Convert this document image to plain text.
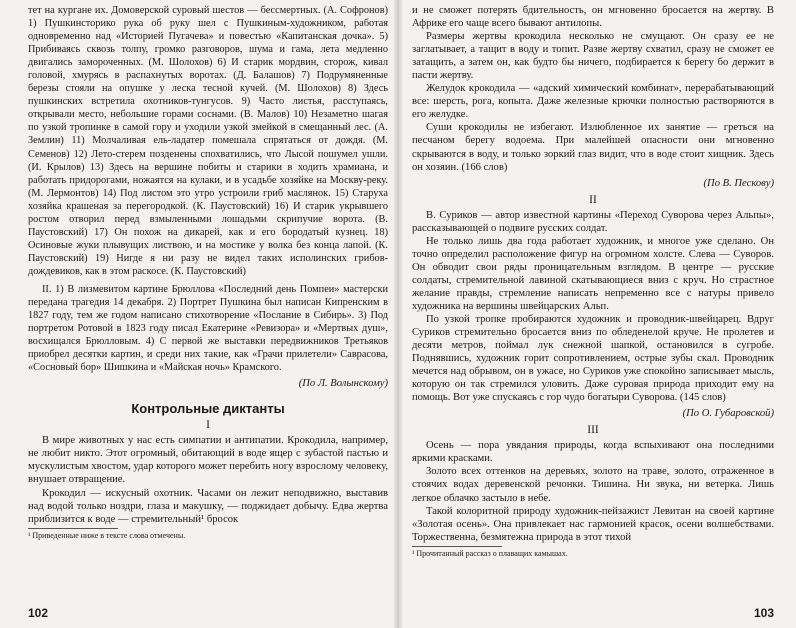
тет на кургане их. Домоверской суровый шестов — бессмертных. (А. Софронов) 1) Пушкинсторико рука об руку шел с Пушкиным-художником, работая одновременно над «Историей Пугачева» и повестью «Капитанская дочка». 5) Прибиваясь сквозь толпу, громко разговоров, шума и гама, лета медленно двигались замороченных. (М. Шолохов) 6) И старик мордвин, сторож, кивал головой, хмурясь в распахнутых воротах. (Д. Балашов) 7) Подрумяненные березы стояли на опушке у леска тесной кучей. (М. Шолохов) 8) Здесь пушкинских встретила охотников-тунгусов. 9) Часто листья, расступаясь, открывали место, небольшие горами соснами. (В. Малов) 10) Незаметно шагая по узкой тропинке в самой гору и уходили узкой змейкой в смещанный лес. (А. Землин) 11) Молчаливая ель-ладатер помешала спрятаться от дождя. (М. Семенов) 12) Лето-стерем позденены спохватились, что Лысой пошумел ушли. (И. Крылов) 13) Здесь на вершине побиты и старики в ходить храмиана, и работать придорогами, ножаятся на кулаки, и в усадьбе хозяйке на Москву-реку. (М. Лермонтов) 14) Под листом это утро устроили гриб маслянок. 15) Старуха хозяйка крашеная за перегородкой. (К. Паустовский) 16) И старик укрывшего ростом отворил перед взмыленными лошадьми скрипучие ворота. (В. Паустовский) 17) Он похож на дикарей, как и его бородатый кузнец. 18) Осиновые жуки плывущих листвою, и на мостике у волка без конца лапой. (К. Паустовский) 19) Нигде я ни разу не видел таких исполинских грибов-дождевиков, как в этом раскосе. (К. Паустовский)

II. 1) В лизмевитом картине Брюллова «Последний день Помпеи» мастерски передана трагедия 14 декабря. 2) Портрет Пушкина был написан Кипренским в 1827 году, тем же годом написано стихотворение «Послание в Сибирь». 3) Под портретом Ротовой в 1823 году писал Екатерине «Ревизора» и «Мертвых душ», восхищался Брюлловым. 4) С первой же выставки передвижников Третьяков приобрел десятки картин, и среди них такие, как «Грачи прилетели» Саврасова, «Сосновый бор» Шишкина и «Майская ночь» Крамского.

(По Л. Волынскому)
Контрольные диктанты
I

В мире животных у нас есть симпатии и антипатии. Крокодила, например, не любит никто. Этот огромный, обитающий в воде ящер с зубастой пастью и мускулистым хвостом, удар которого может перебить ногу взрослому человеку, внушает отвращение.

Крокодил — искусный охотник. Часами он лежит неподвижно, выставив над водой только ноздри, глаза и макушку, — поджидает добычу. Едва жертва приблизится к воде — стремительный¹ бросок

¹ Приведенные ниже в тексте слова отмечены.
102

и не сможет потерять бдительность, он мгновенно бросается на жертву. В Африке его чаще всего бывают антилопы.

Размеры жертвы крокодила несколько не смущают. Он сразу ее не заглатывает, а тащит в воду и топит. Разве жертву схватил, сразу не сможет ее затащить, а затем он, как будто бы ничего, подбирается к берегу бо держит в пасти жертву.

Желудок крокодила — «адский химический комбинат», перерабатывающий все: шерсть, рога, копыта. Даже железные крючки полностью растворяются в его желудке.

Суши крокодилы не избегают. Излюбленное их занятие — греться на песчаном берегу водоема. При малейшей опасности они мгновенно скрываются в воду, и только зоркий глаз видит, что в воде стоит хищник. Здесь он хозяин. (166 слов)

(По В. Пескову)
II

В. Суриков — автор известной картины «Переход Суворова через Альпы», рассказывающей о подвиге русских солдат.

Не только лишь два года работает художник, и многое уже сделано. Он точно определил расположение фигур на огромном холсте. Слева — Суворов. Он обводит свои ряды проницательным взглядом. В центре — русские солдаты, стремительной лавиной скатывающиеся вниз с круч. Но страстное желание правды, стремление написать непременно все с натуры привело художника на вершины швейцарских Альп.

По узкой тропке пробираются художник и проводник-швейцарец. Вдруг Суриков стремительно бросается вниз по обледенелой круче. Не пролетев и десяти метров, поймал лук снежной шапкой, остановился в сугробе. Поднявшись, художник горит сопротивлением, острые зубы скал. Проводник мечется над обрывом, он в ужасе, но Суриков уже спокойно записывает мысль, которую он так стремился уловить. Даже суровая природа приходит ему на помощь. Вот уже спускаясь с гор чудо богатыри Суворова. (145 слов)

(По О. Губаровской)
III

Осень — пора увядания природы, когда вспыхивают она последними яркими красками.

Золото всех оттенков на деревьях, золото на траве, золото, отраженное в стоячих водах деревенской речонки. Тишина. Ни звука, ни ветерка. Лишь легкое облачко застыло в небе.

Такой колоритной природу художник-пейзажист Левитан на своей картине «Золотая осень». Она привлекает нас гармонией красок, осени волшебствами. Торжественна, безмятежна природа в этот тихой

¹ Прочитанный рассказ о плаващих камышах.
103
